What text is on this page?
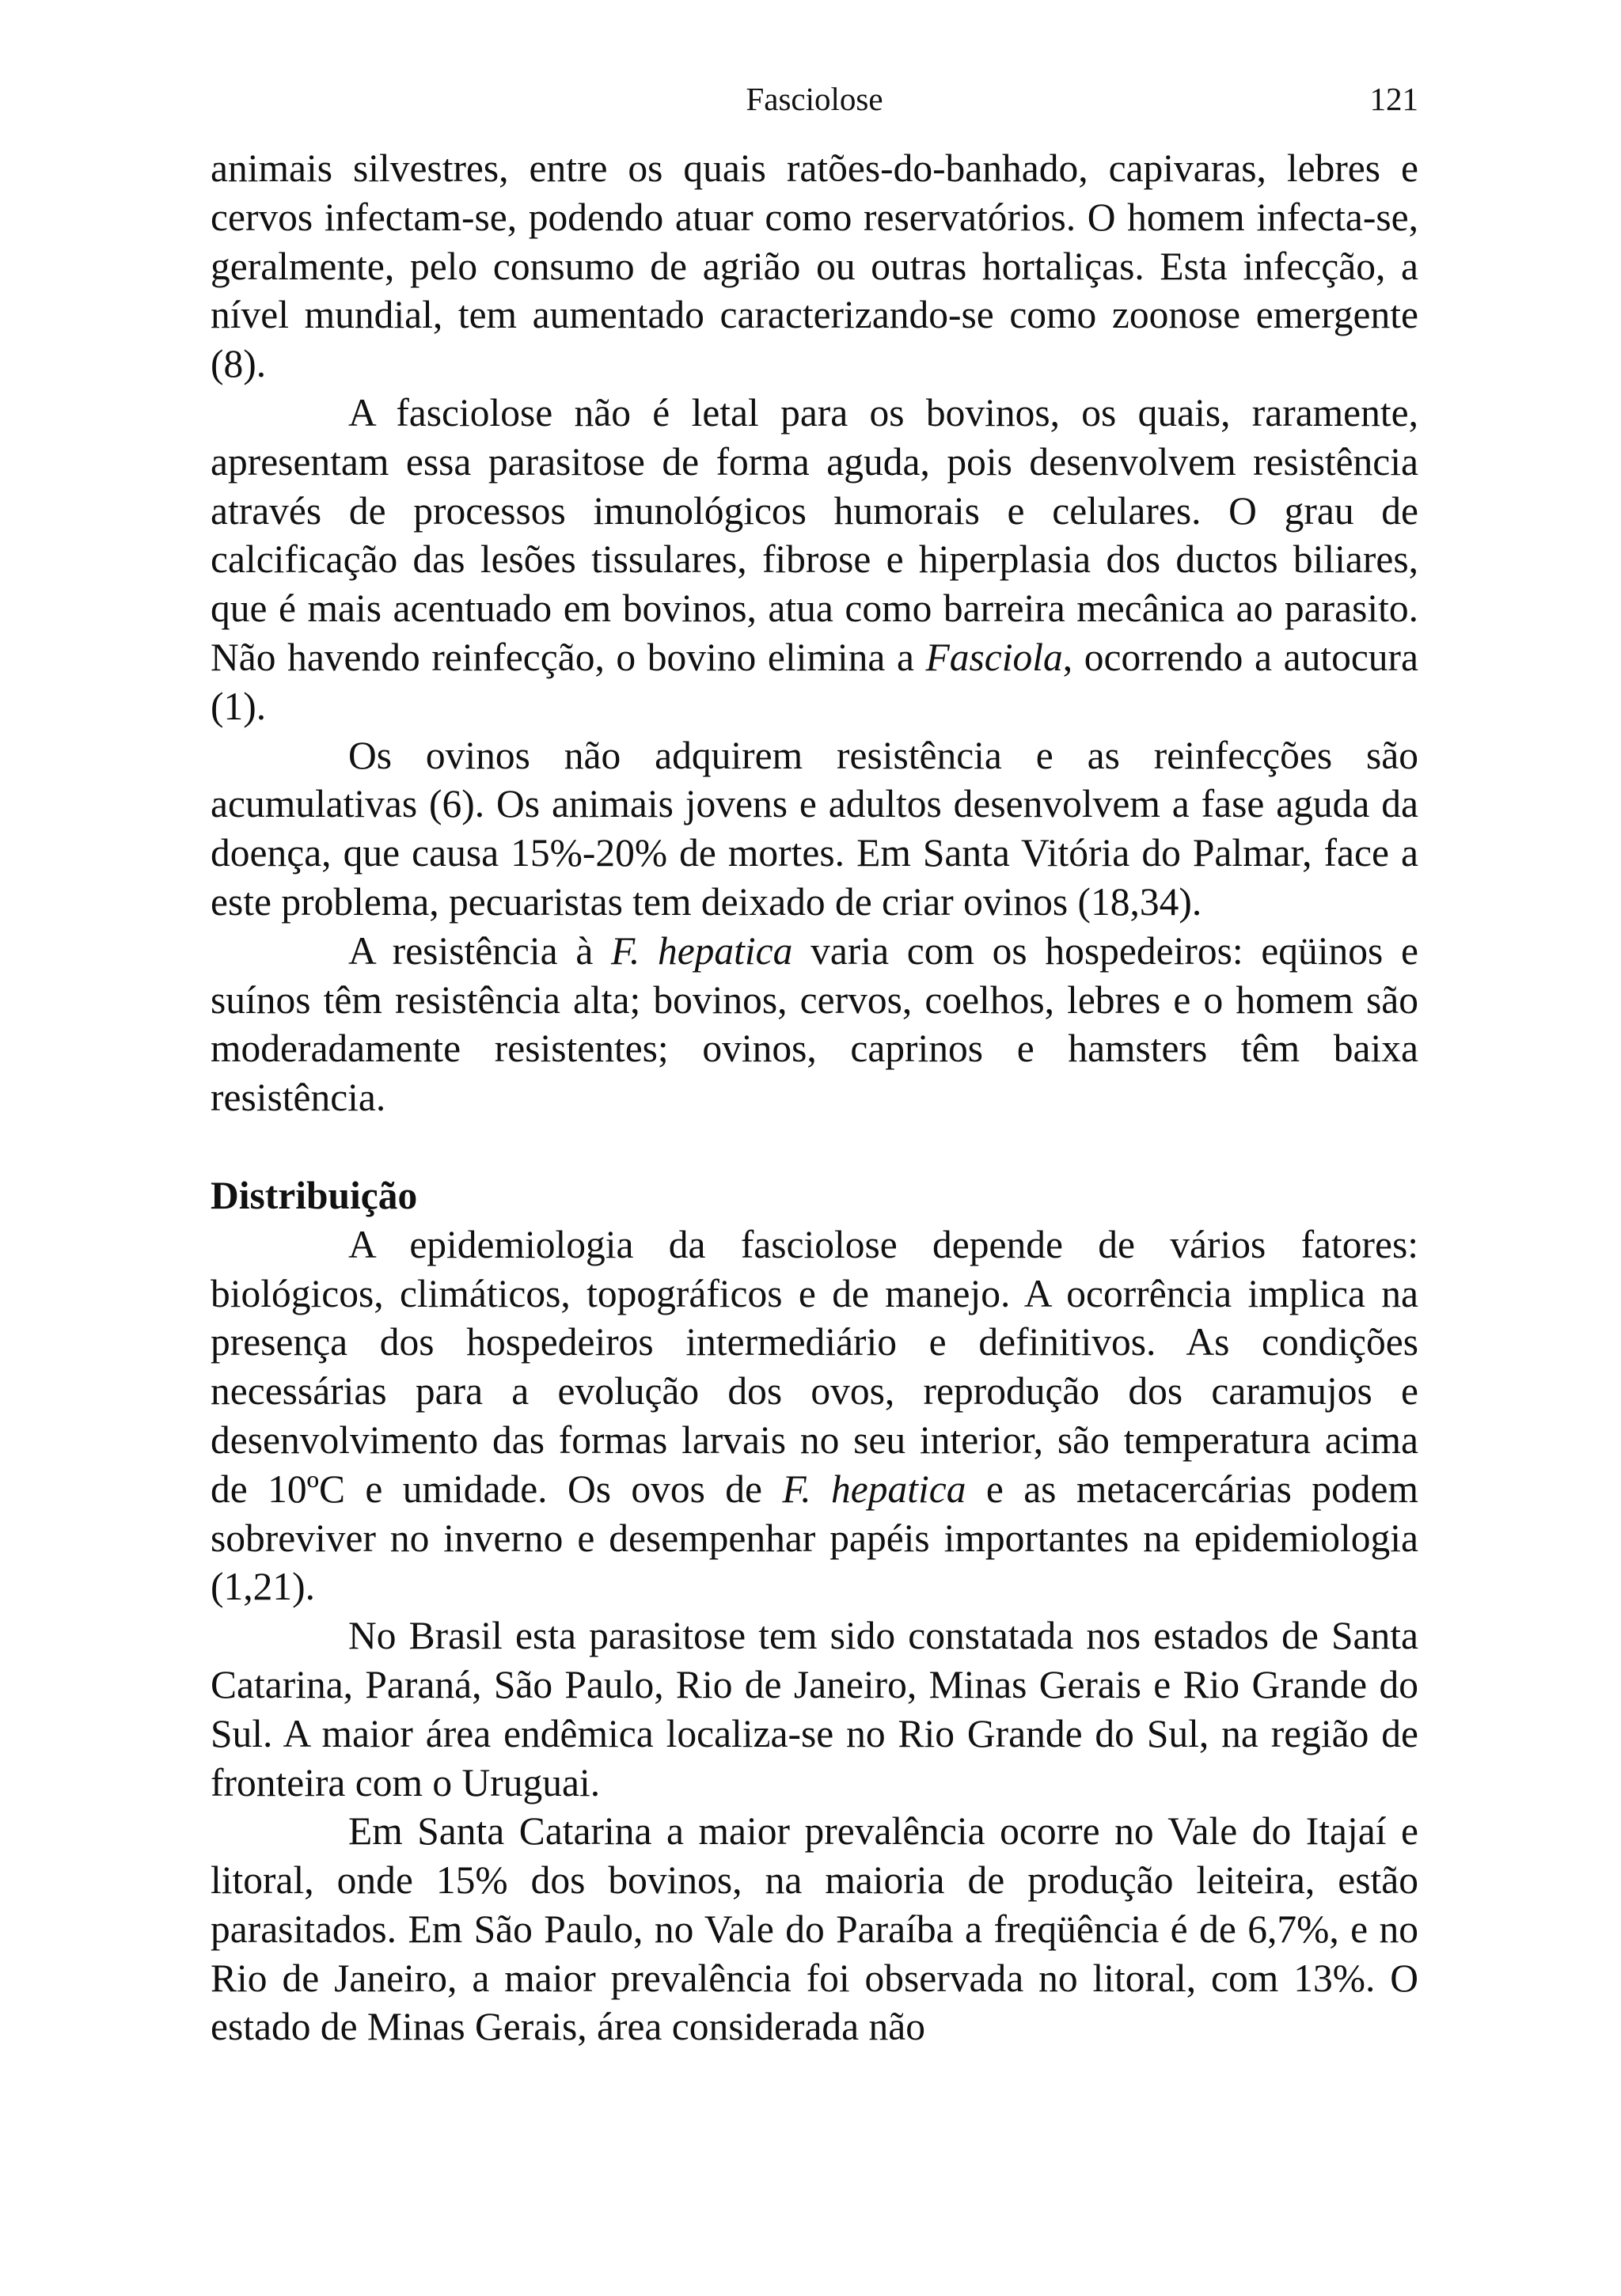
Fasciolose	121

animais silvestres, entre os quais ratões-do-banhado, capivaras, lebres e cervos infectam-se, podendo atuar como reservatórios. O homem infecta-se, geralmente, pelo consumo de agrião ou outras hortaliças. Esta infecção, a nível mundial, tem aumentado caracterizando-se como zoonose emergente (8).

A fasciolose não é letal para os bovinos, os quais, raramente, apresentam essa parasitose de forma aguda, pois desenvolvem resistência através de processos imunológicos humorais e celulares. O grau de calcificação das lesões tissulares, fibrose e hiperplasia dos ductos biliares, que é mais acentuado em bovinos, atua como barreira mecânica ao parasito. Não havendo reinfecção, o bovino elimina a Fasciola, ocorrendo a autocura (1).

Os ovinos não adquirem resistência e as reinfecções são acumulativas (6). Os animais jovens e adultos desenvolvem a fase aguda da doença, que causa 15%-20% de mortes. Em Santa Vitória do Palmar, face a este problema, pecuaristas tem deixado de criar ovinos (18,34).

A resistência à F. hepatica varia com os hospedeiros: eqüinos e suínos têm resistência alta; bovinos, cervos, coelhos, lebres e o homem são moderadamente resistentes; ovinos, caprinos e hamsters têm baixa resistência.

Distribuição

A epidemiologia da fasciolose depende de vários fatores: biológicos, climáticos, topográficos e de manejo. A ocorrência implica na presença dos hospedeiros intermediário e definitivos. As condições necessárias para a evolução dos ovos, reprodução dos caramujos e desenvolvimento das formas larvais no seu interior, são temperatura acima de 10ºC e umidade. Os ovos de F. hepatica e as metacercárias podem sobreviver no inverno e desempenhar papéis importantes na epidemiologia (1,21).

No Brasil esta parasitose tem sido constatada nos estados de Santa Catarina, Paraná, São Paulo, Rio de Janeiro, Minas Gerais e Rio Grande do Sul. A maior área endêmica localiza-se no Rio Grande do Sul, na região de fronteira com o Uruguai.

Em Santa Catarina a maior prevalência ocorre no Vale do Itajaí e litoral, onde 15% dos bovinos, na maioria de produção leiteira, estão parasitados. Em São Paulo, no Vale do Paraíba a freqüência é de 6,7%, e no Rio de Janeiro, a maior prevalência foi observada no litoral, com 13%. O estado de Minas Gerais, área considerada não
